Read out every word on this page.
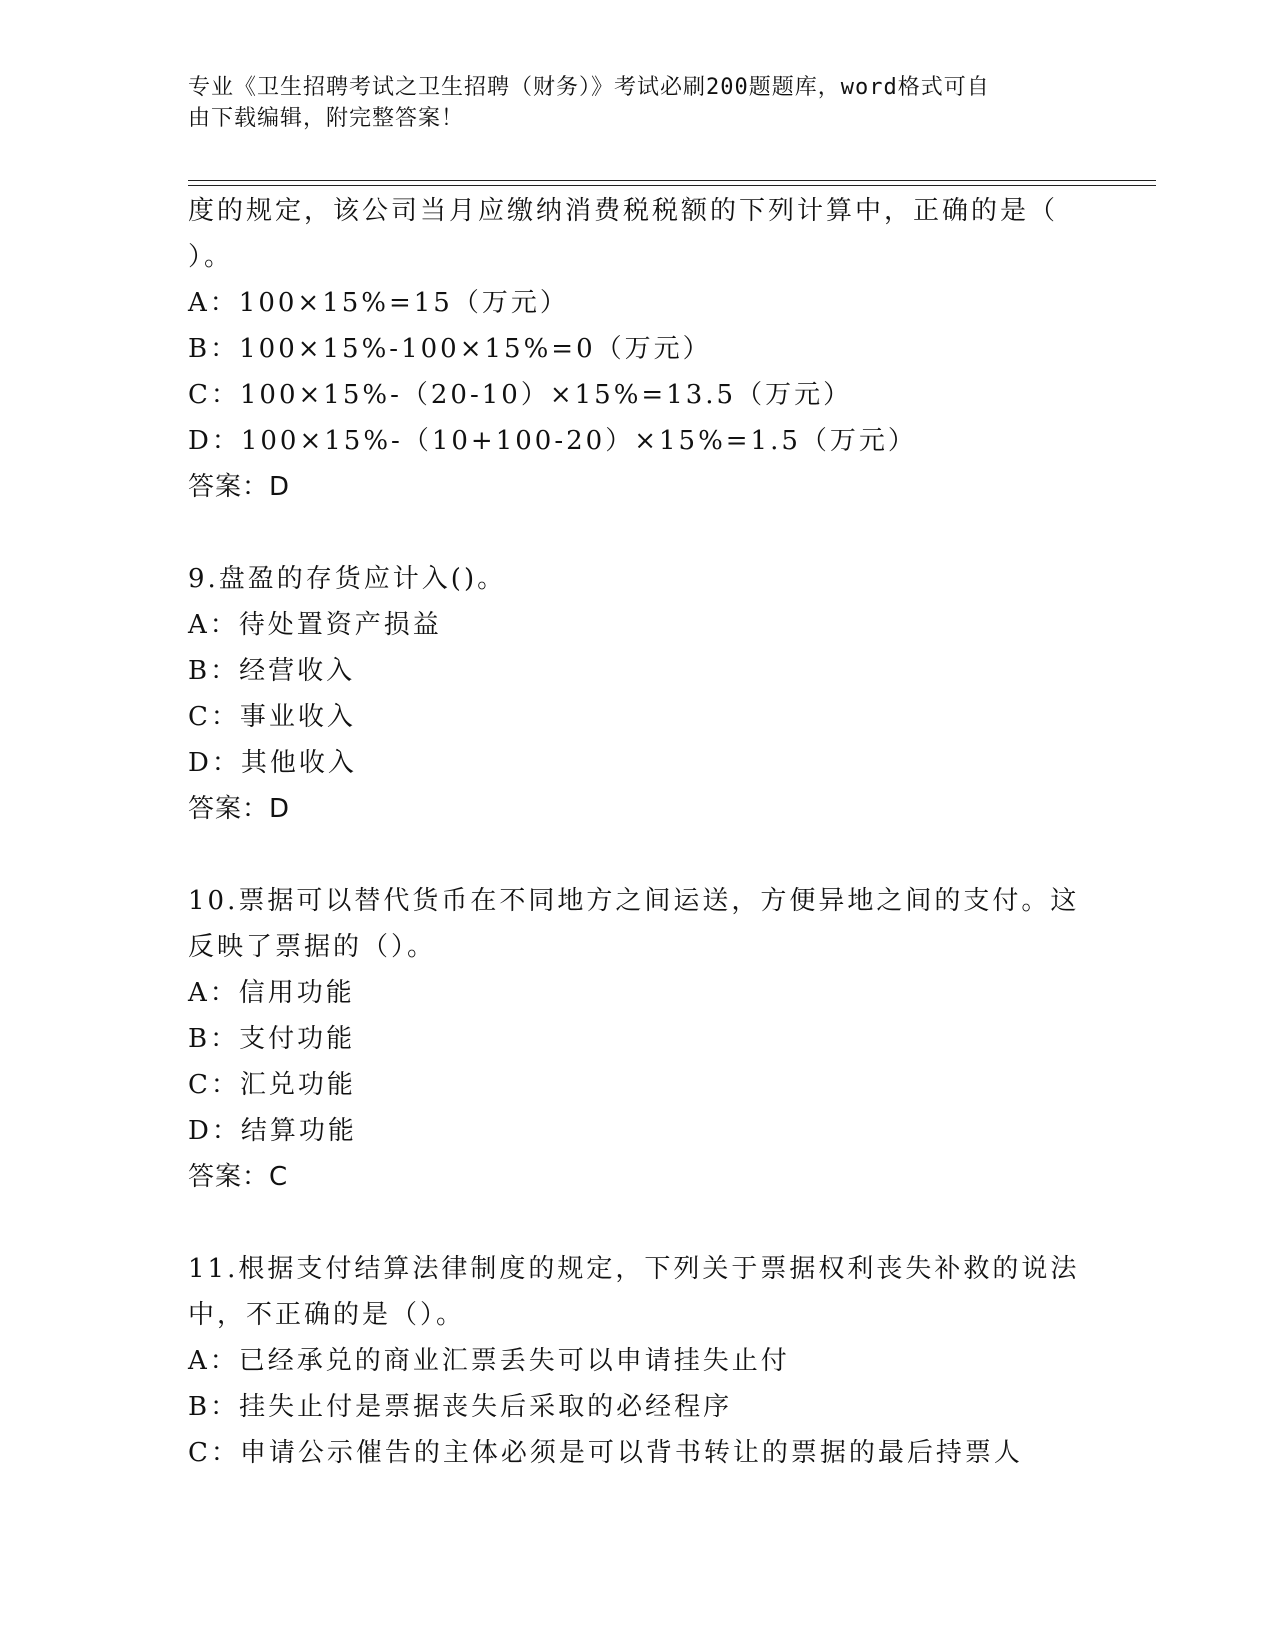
专业《卫生招聘考试之卫生招聘（财务）》考试必刷200题题库，word格式可自
由下载编辑，附完整答案！
度的规定，该公司当月应缴纳消费税税额的下列计算中，正确的是（
）。
A：100×15%=15（万元）
B：100×15%-100×15%=0（万元）
C：100×15%-（20-10）×15%=13.5（万元）
D：100×15%-（10+100-20）×15%=1.5（万元）
答案：D
9.盘盈的存货应计入()。
A：待处置资产损益
B：经营收入
C：事业收入
D：其他收入
答案：D
10.票据可以替代货币在不同地方之间运送，方便异地之间的支付。这
反映了票据的（）。
A：信用功能
B：支付功能
C：汇兑功能
D：结算功能
答案：C
11.根据支付结算法律制度的规定，下列关于票据权利丧失补救的说法
中，不正确的是（）。
A：已经承兑的商业汇票丢失可以申请挂失止付
B：挂失止付是票据丧失后采取的必经程序
C：申请公示催告的主体必须是可以背书转让的票据的最后持票人
